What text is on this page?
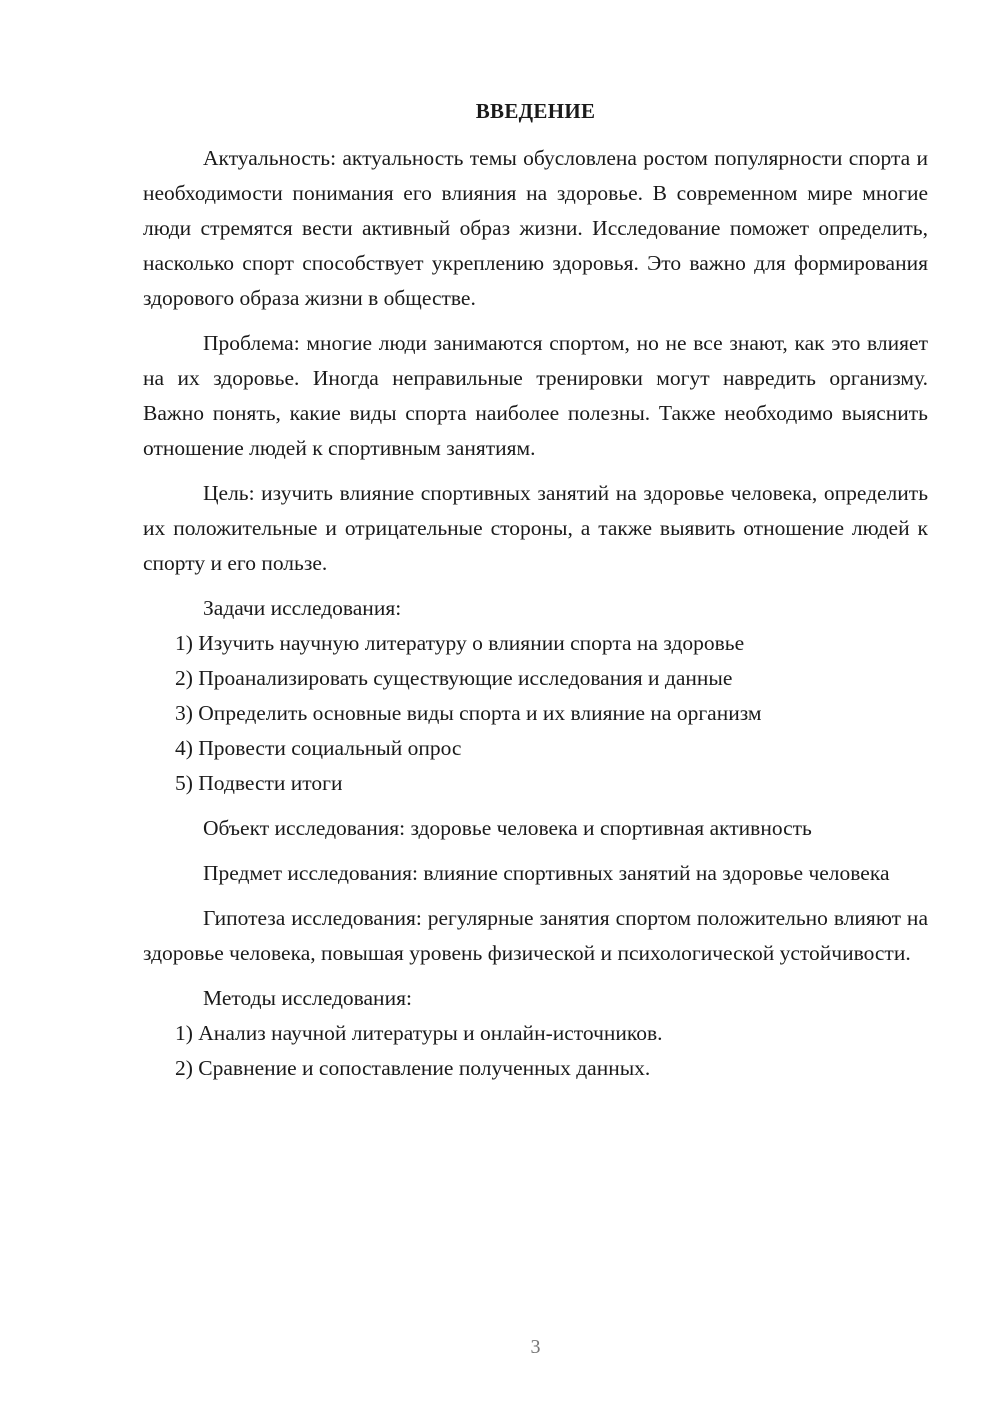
ВВЕДЕНИЕ

Актуальность: актуальность темы обусловлена ростом популярности спорта и необходимости понимания его влияния на здоровье. В современном мире многие люди стремятся вести активный образ жизни. Исследование поможет определить, насколько спорт способствует укреплению здоровья. Это важно для формирования здорового образа жизни в обществе.

Проблема: многие люди занимаются спортом, но не все знают, как это влияет на их здоровье. Иногда неправильные тренировки могут навредить организму. Важно понять, какие виды спорта наиболее полезны. Также необходимо выяснить отношение людей к спортивным занятиям.

Цель: изучить влияние спортивных занятий на здоровье человека, определить их положительные и отрицательные стороны, а также выявить отношение людей к спорту и его пользе.

Задачи исследования:

1) Изучить научную литературу о влиянии спорта на здоровье

2) Проанализировать существующие исследования и данные

3) Определить основные виды спорта и их влияние на организм

4) Провести социальный опрос

5) Подвести итоги

Объект исследования: здоровье человека и спортивная активность

Предмет исследования: влияние спортивных занятий на здоровье человека

Гипотеза исследования: регулярные занятия спортом положительно влияют на здоровье человека, повышая уровень физической и психологической устойчивости.

Методы исследования:

1) Анализ научной литературы и онлайн-источников.

2) Сравнение и сопоставление полученных данных.

3
